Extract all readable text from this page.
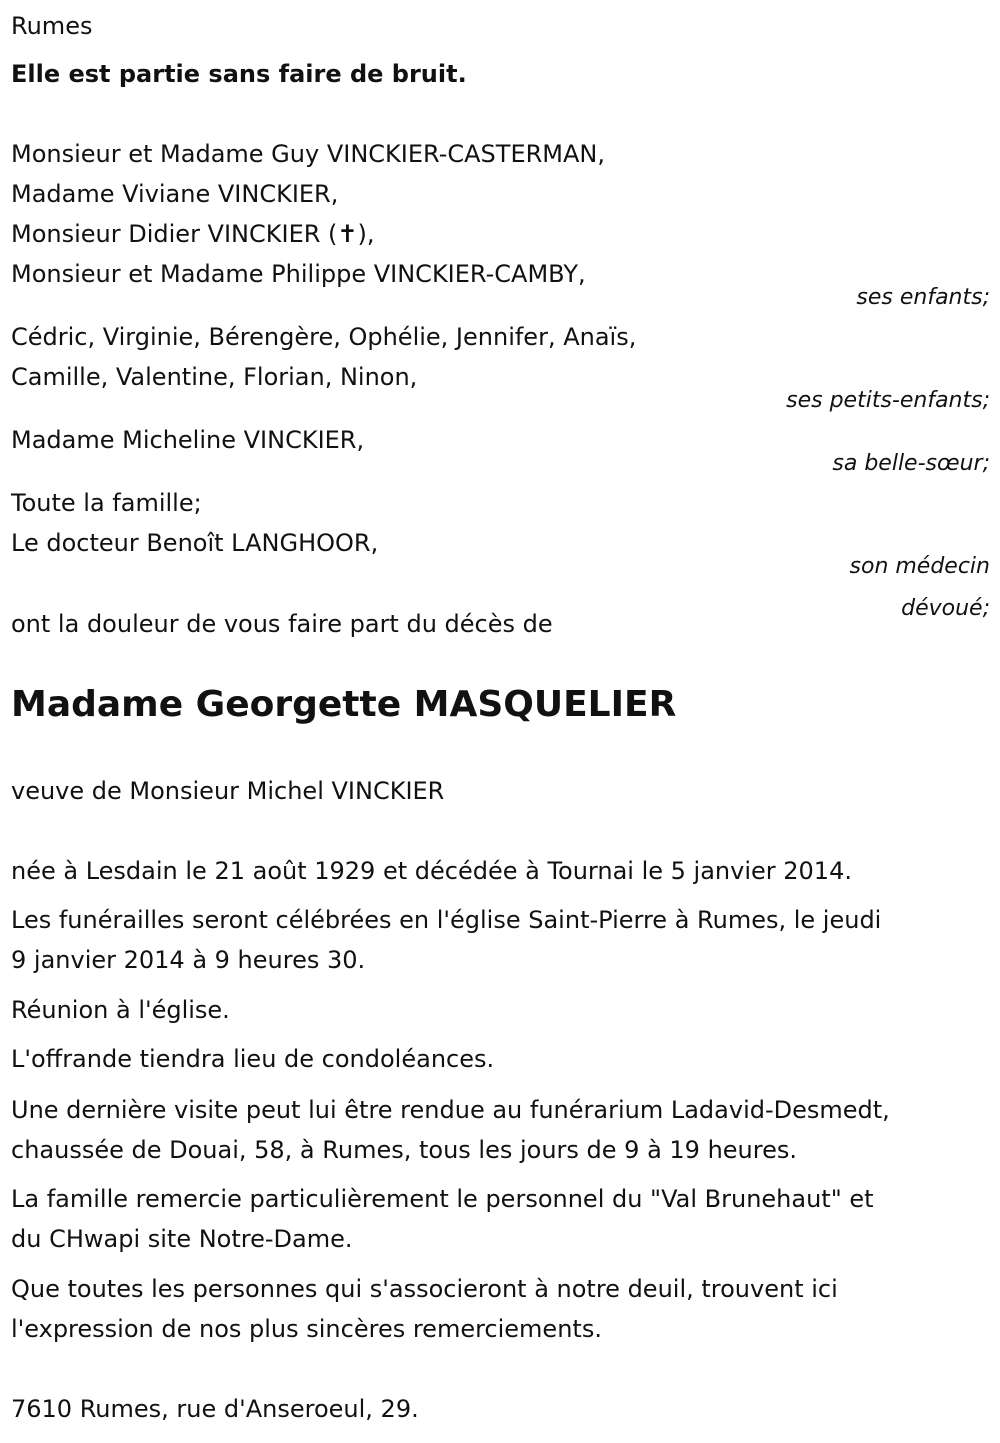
Rumes
Elle est partie sans faire de bruit.
Monsieur et Madame Guy VINCKIER-CASTERMAN,
Madame Viviane VINCKIER,
Monsieur Didier VINCKIER (✝),
Monsieur et Madame Philippe VINCKIER-CAMBY,
ses enfants;
Cédric, Virginie, Bérengère, Ophélie, Jennifer, Anaïs,
Camille, Valentine, Florian, Ninon,
ses petits-enfants;
Madame Micheline VINCKIER,
sa belle-sœur;
Toute la famille;
Le docteur Benoît LANGHOOR,
son médecin
dévoué;
ont la douleur de vous faire part du décès de
Madame Georgette MASQUELIER
veuve de Monsieur Michel VINCKIER
née à Lesdain le 21 août 1929 et décédée à Tournai le 5 janvier 2014.
Les funérailles seront célébrées en l'église Saint-Pierre à Rumes, le jeudi
9 janvier 2014 à 9 heures 30.
Réunion à l'église.
L'offrande tiendra lieu de condoléances.
Une dernière visite peut lui être rendue au funérarium Ladavid-Desmedt,
chaussée de Douai, 58, à Rumes, tous les jours de 9 à 19 heures.
La famille remercie particulièrement le personnel du "Val Brunehaut" et
du CHwapi site Notre-Dame.
Que toutes les personnes qui s'associeront à notre deuil, trouvent ici
l'expression de nos plus sincères remerciements.
7610 Rumes, rue d'Anseroeul, 29.
